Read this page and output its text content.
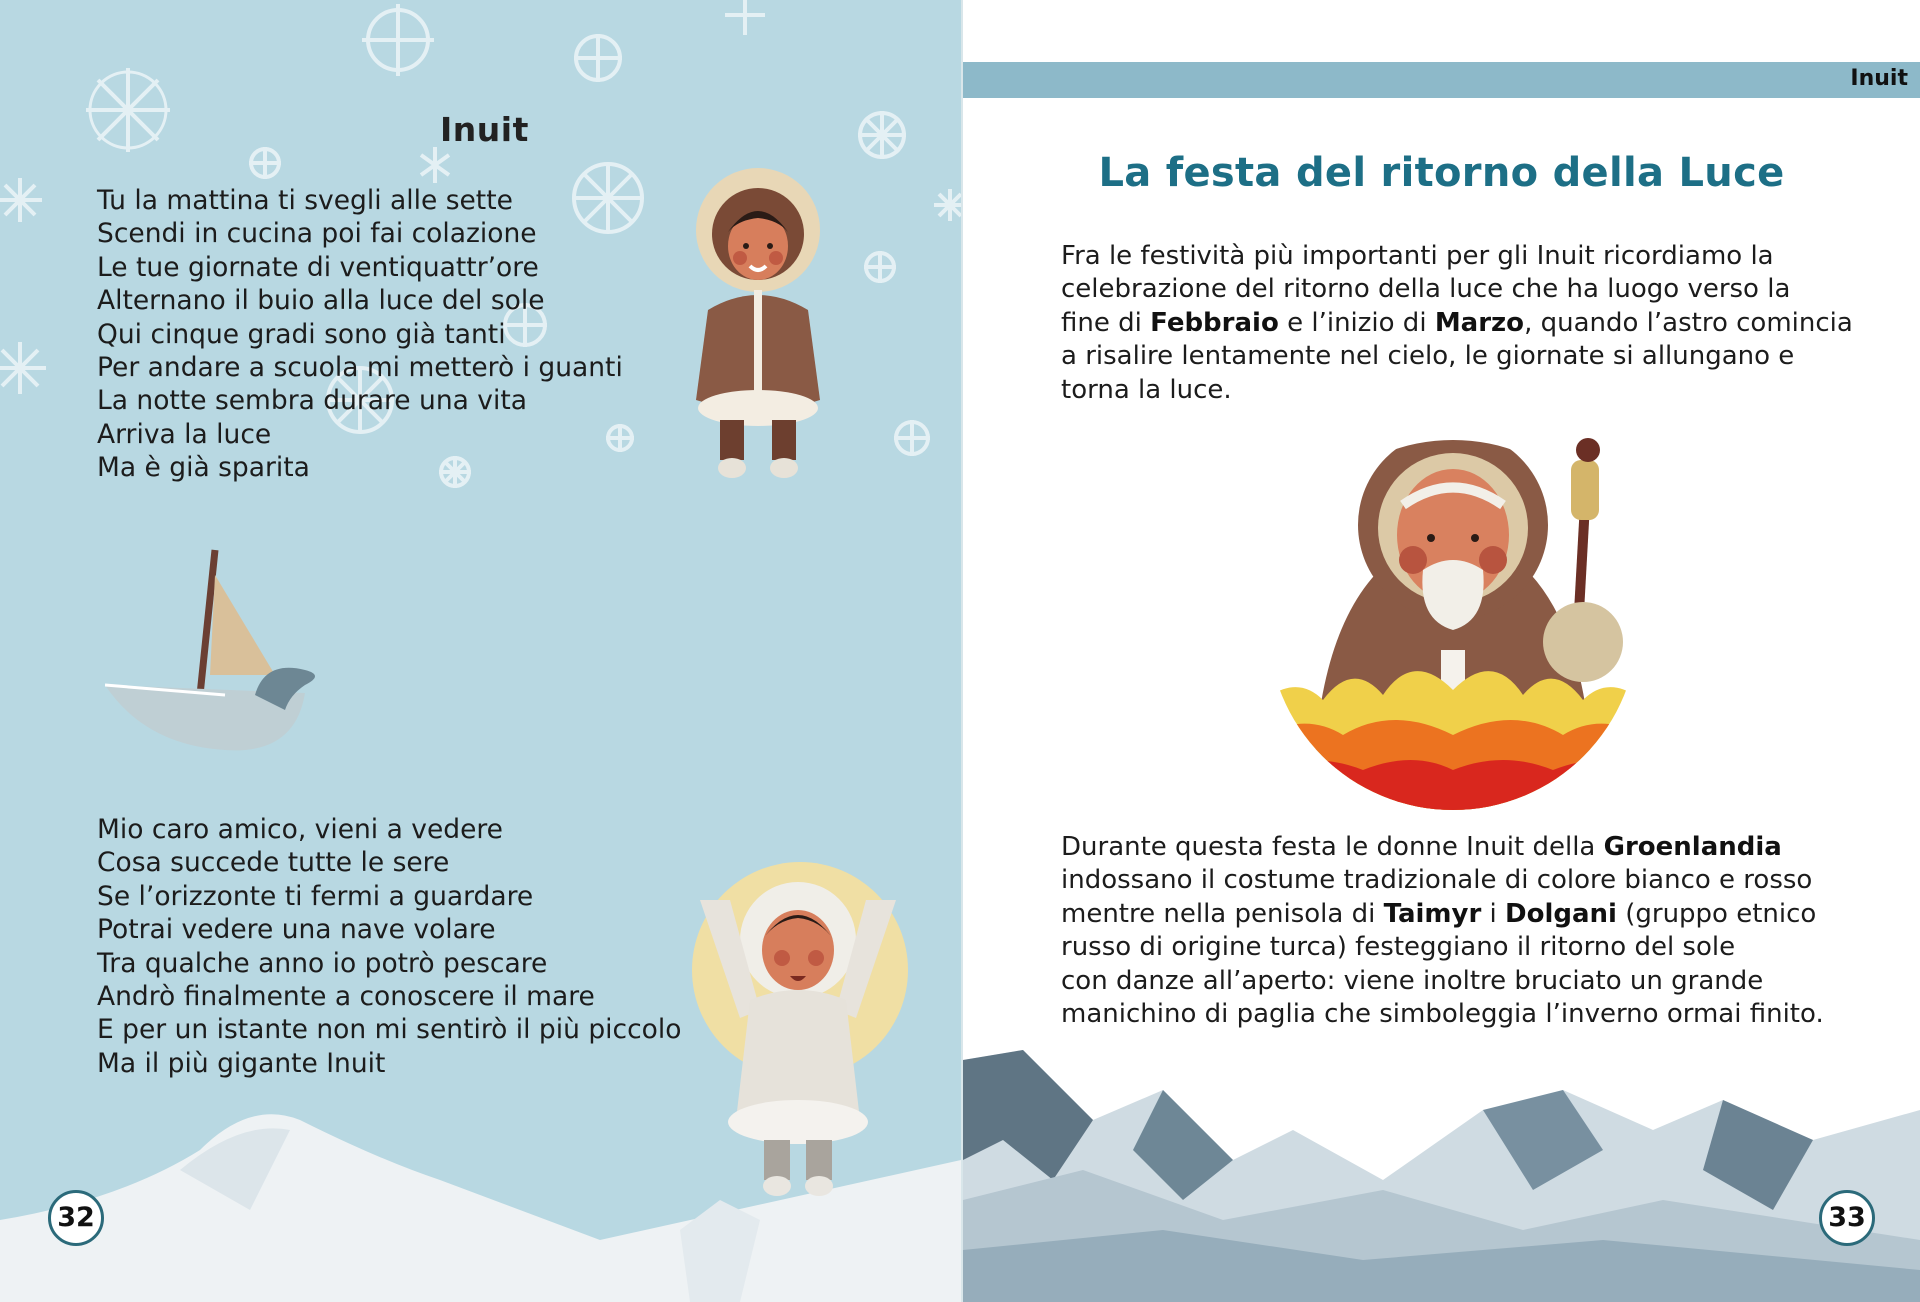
Inuit
Tu la mattina ti svegli alle sette
Scendi in cucina poi fai colazione
Le tue giornate di ventiquattr’ore
Alternano il buio alla luce del sole
Qui cinque gradi sono già tanti
Per andare a scuola mi metterò i guanti
La notte sembra durare una vita
Arriva la luce
Ma è già sparita
Mio caro amico, vieni a vedere
Cosa succede tutte le sere
Se l’orizzonte ti fermi a guardare
Potrai vedere una nave volare
Tra qualche anno io potrò pescare
Andrò finalmente a conoscere il mare
E per un istante non mi sentirò il più piccolo
Ma il più gigante Inuit
32
Inuit
La festa del ritorno della Luce
Fra le festività più importanti per gli Inuit ricordiamo la
celebrazione del ritorno della luce che ha luogo verso la
fine di Febbraio e l’inizio di Marzo, quando l’astro comincia
a risalire lentamente nel cielo, le giornate si allungano e
torna la luce.
Durante questa festa le donne Inuit della Groenlandia
indossano il costume tradizionale di colore bianco e rosso
mentre nella penisola di Taimyr i Dolgani (gruppo etnico
russo di origine turca) festeggiano il ritorno del sole
con danze all’aperto: viene inoltre bruciato un grande
manichino di paglia che simboleggia l’inverno ormai finito.
33
